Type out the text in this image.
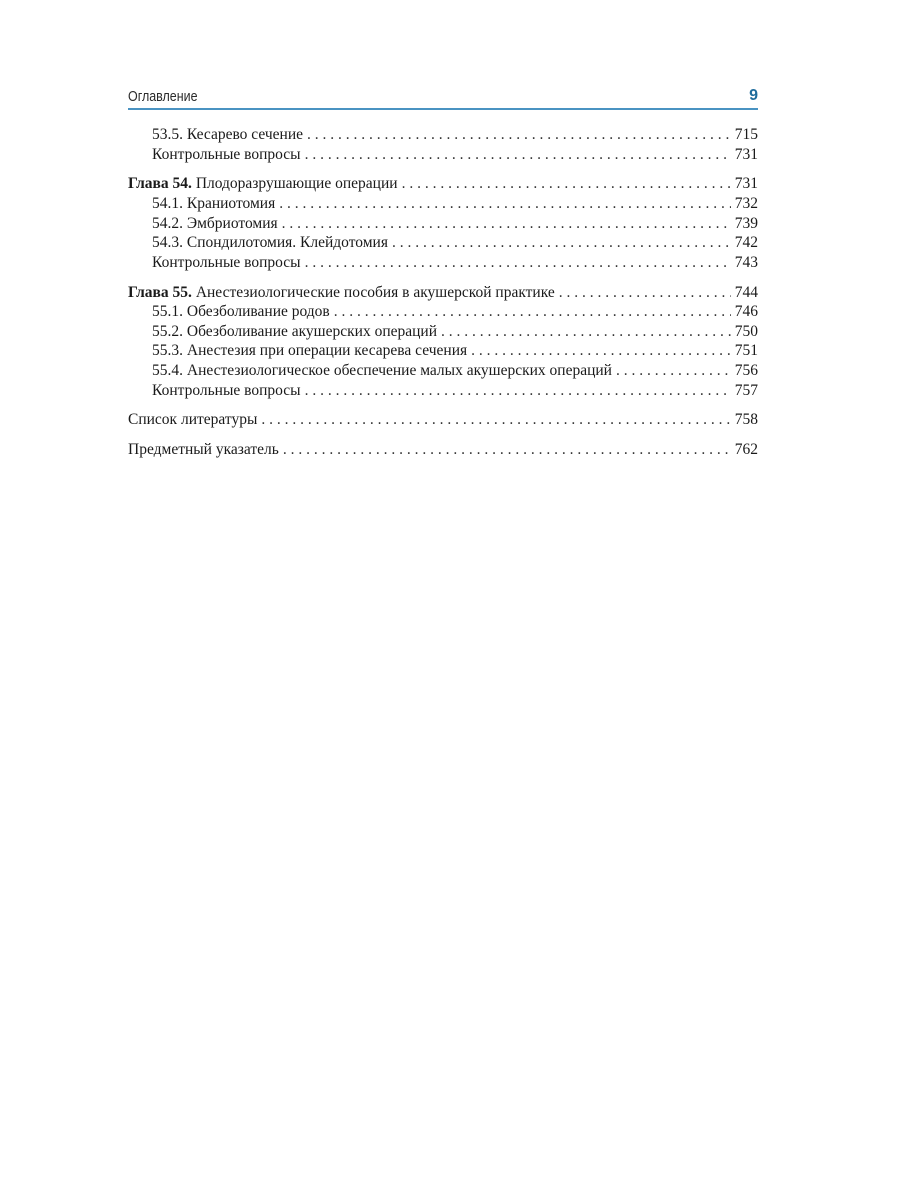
Оглавление	9
53.5. Кесарево сечение . . .	715
Контрольные вопросы . . .	731
Глава 54. Плодоразрушающие операции . . .	731
54.1. Краниотомия . . .	732
54.2. Эмбриотомия . . .	739
54.3. Спондилотомия. Клейдотомия . . .	742
Контрольные вопросы . . .	743
Глава 55. Анестезиологические пособия в акушерской практике . . .	744
55.1. Обезболивание родов . . .	746
55.2. Обезболивание акушерских операций . . .	750
55.3. Анестезия при операции кесарева сечения . . .	751
55.4. Анестезиологическое обеспечение малых акушерских операций . . .	756
Контрольные вопросы . . .	757
Список литературы . . .	758
Предметный указатель . . .	762
